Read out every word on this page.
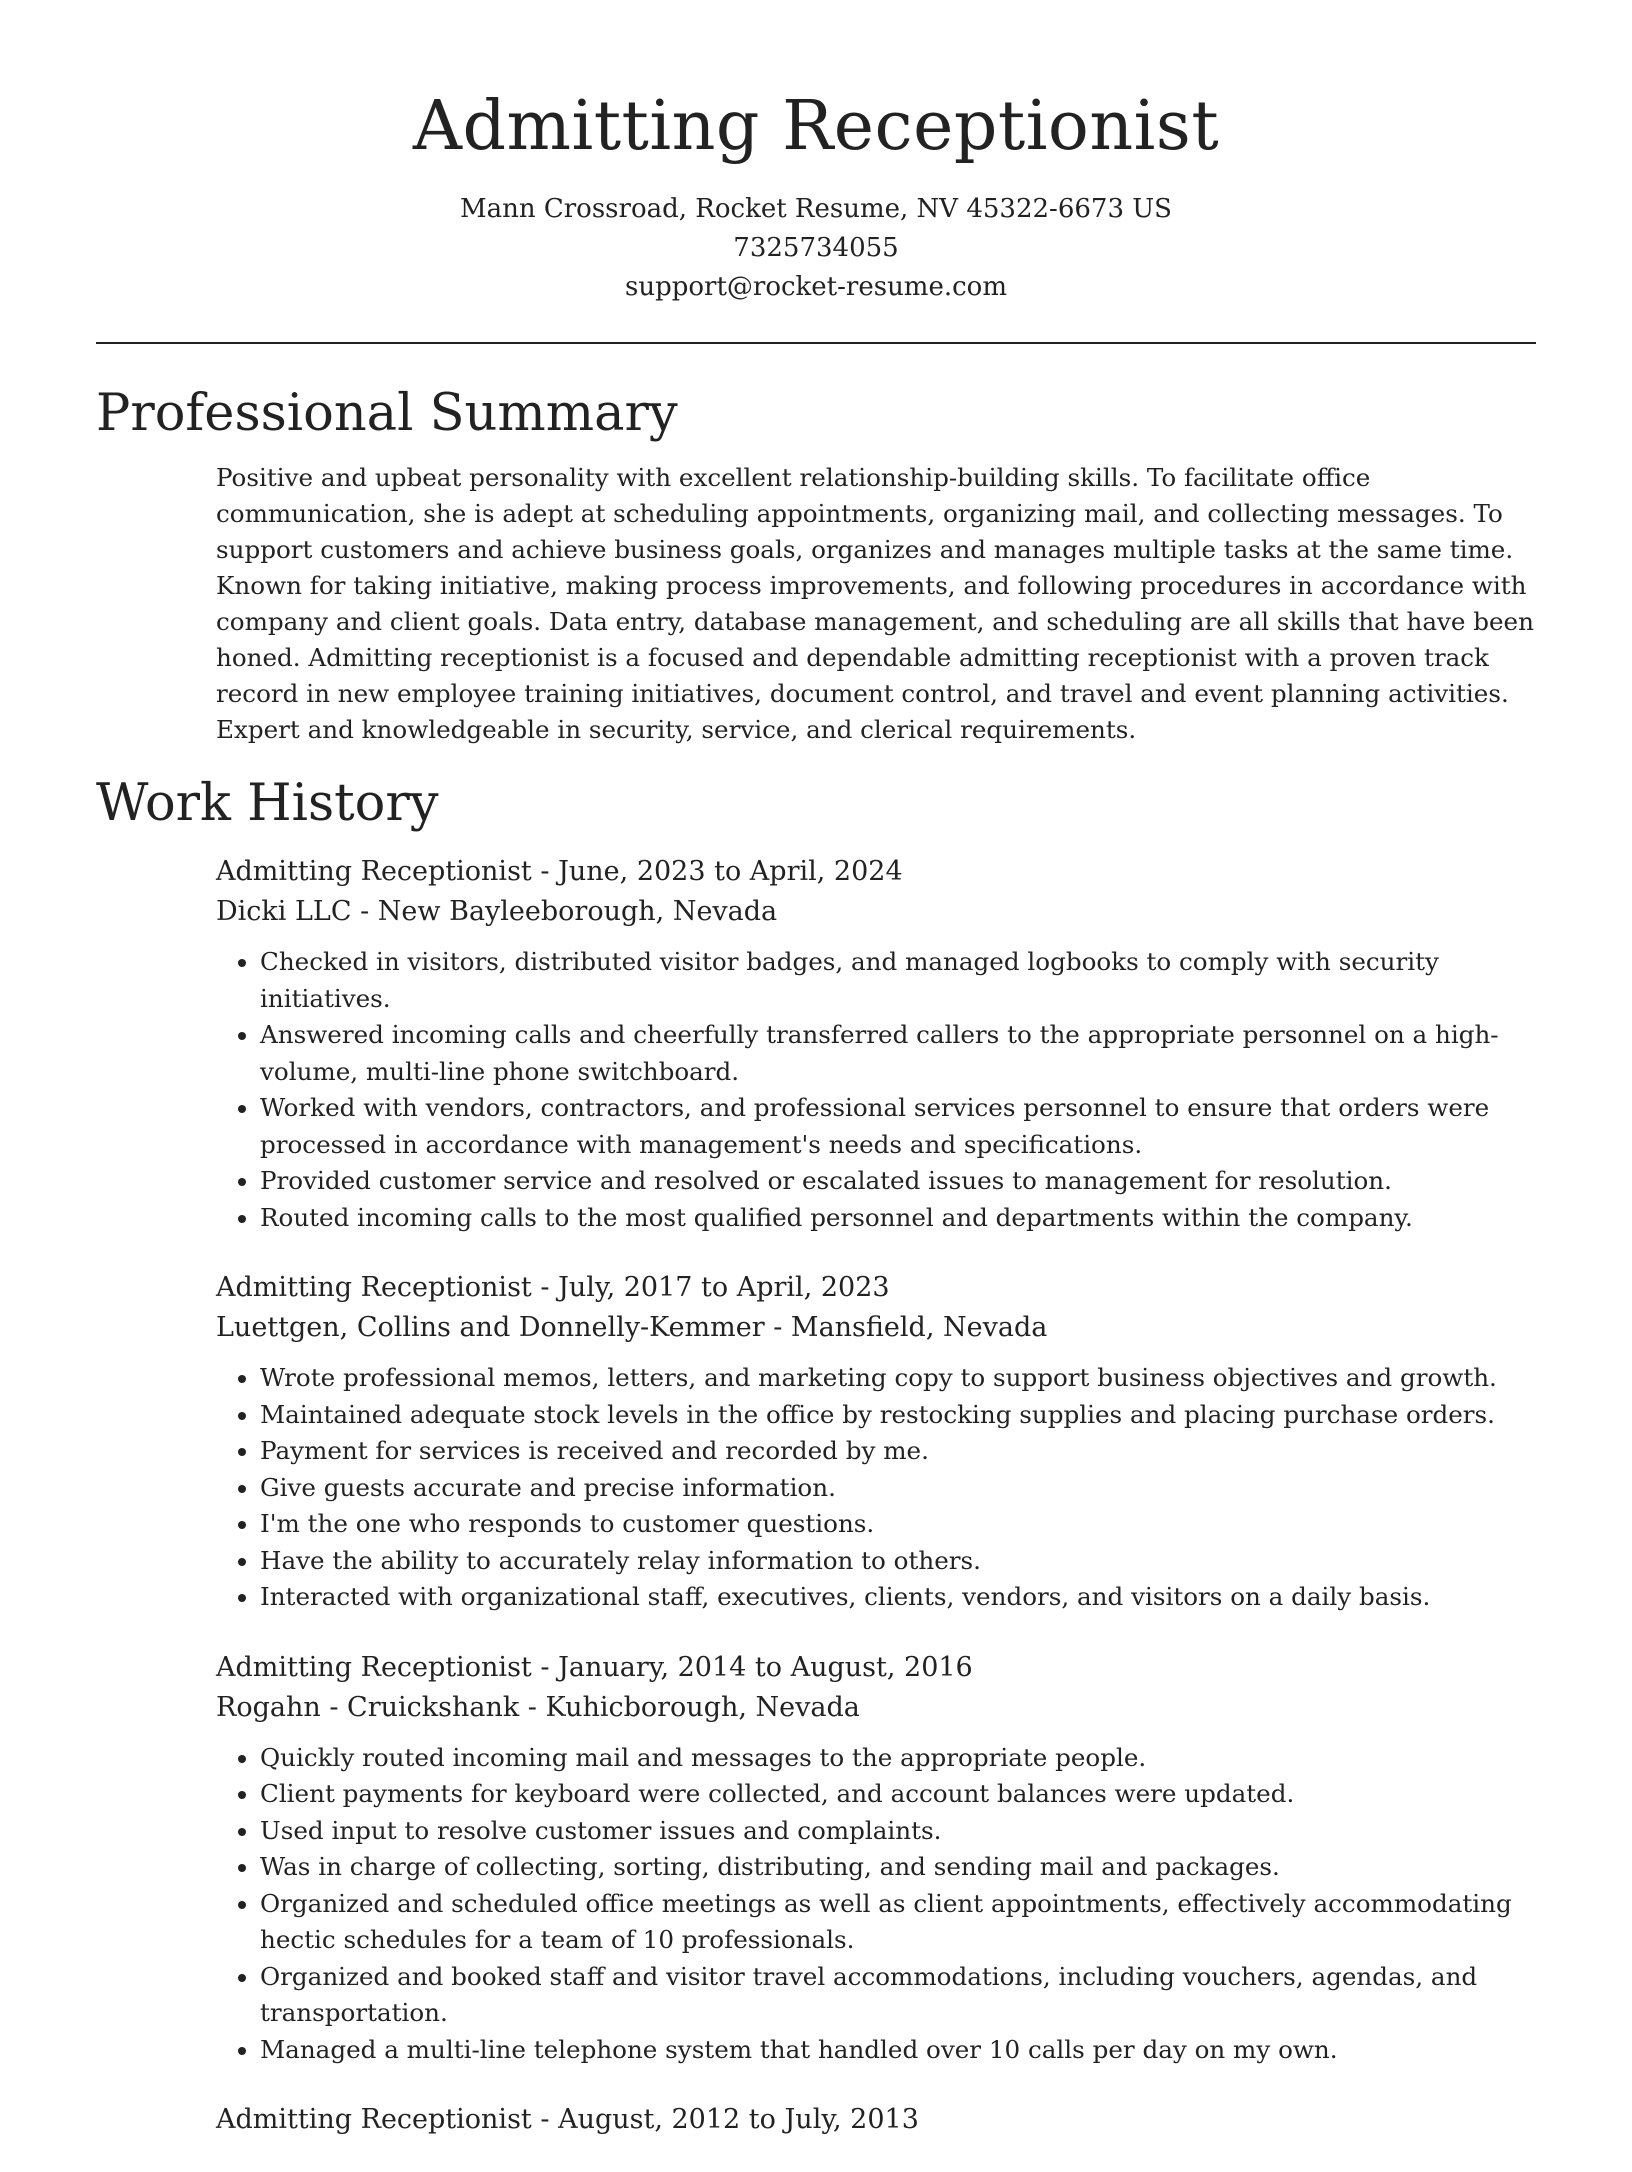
Admitting Receptionist
Mann Crossroad, Rocket Resume, NV 45322-6673 US
7325734055
support@rocket-resume.com
Professional Summary

Positive and upbeat personality with excellent relationship-building skills. To facilitate office communication, she is adept at scheduling appointments, organizing mail, and collecting messages. To support customers and achieve business goals, organizes and manages multiple tasks at the same time. Known for taking initiative, making process improvements, and following procedures in accordance with company and client goals. Data entry, database management, and scheduling are all skills that have been honed. Admitting receptionist is a focused and dependable admitting receptionist with a proven track record in new employee training initiatives, document control, and travel and event planning activities. Expert and knowledgeable in security, service, and clerical requirements.

Work History
Admitting Receptionist - June, 2023 to April, 2024
Dicki LLC - New Bayleeborough, Nevada
• Checked in visitors, distributed visitor badges, and managed logbooks to comply with security initiatives.
• Answered incoming calls and cheerfully transferred callers to the appropriate personnel on a high-volume, multi-line phone switchboard.
• Worked with vendors, contractors, and professional services personnel to ensure that orders were processed in accordance with management's needs and specifications.
• Provided customer service and resolved or escalated issues to management for resolution.
• Routed incoming calls to the most qualified personnel and departments within the company.
Admitting Receptionist - July, 2017 to April, 2023
Luettgen, Collins and Donnelly-Kemmer - Mansfield, Nevada
• Wrote professional memos, letters, and marketing copy to support business objectives and growth.
• Maintained adequate stock levels in the office by restocking supplies and placing purchase orders.
• Payment for services is received and recorded by me.
• Give guests accurate and precise information.
• I'm the one who responds to customer questions.
• Have the ability to accurately relay information to others.
• Interacted with organizational staff, executives, clients, vendors, and visitors on a daily basis.
Admitting Receptionist - January, 2014 to August, 2016
Rogahn - Cruickshank - Kuhicborough, Nevada
• Quickly routed incoming mail and messages to the appropriate people.
• Client payments for keyboard were collected, and account balances were updated.
• Used input to resolve customer issues and complaints.
• Was in charge of collecting, sorting, distributing, and sending mail and packages.
• Organized and scheduled office meetings as well as client appointments, effectively accommodating hectic schedules for a team of 10 professionals.
• Organized and booked staff and visitor travel accommodations, including vouchers, agendas, and transportation.
• Managed a multi-line telephone system that handled over 10 calls per day on my own.
Admitting Receptionist - August, 2012 to July, 2013
